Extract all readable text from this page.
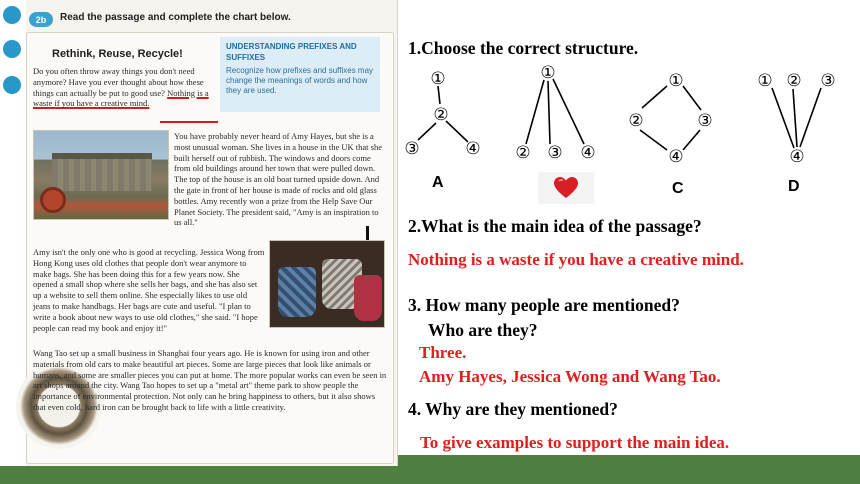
2b	Read the passage and complete the chart below.
Rethink, Reuse, Recycle!
UNDERSTANDING PREFIXES AND SUFFIXES
Recognize how prefixes and suffixes may change the meanings of words and how they are used.
Do you often throw away things you don't need anymore? Have you ever thought about how these things can actually be put to good use? Nothing is a waste if you have a creative mind.
You have probably never heard of Amy Hayes, but she is a most unusual woman. She lives in a house in the UK that she built herself out of rubbish. The windows and doors come from old buildings around her town that were pulled down. The top of the house is an old boat turned upside down. And the gate in front of her house is made of rocks and old glass bottles. Amy recently won a prize from the Help Save Our Planet Society. The president said, "Amy is an inspiration to us all."
Amy isn't the only one who is good at recycling. Jessica Wong from Hong Kong uses old clothes that people don't wear anymore to make bags. She has been doing this for a few years now. She opened a small shop where she sells her bags, and she has also set up a website to sell them online. She especially likes to use old jeans to make handbags. Her bags are cute and useful. "I plan to write a book about new ways to use old clothes," she said. "I hope people can read my book and enjoy it!"
Wang Tao set up a small business in Shanghai four years ago. He is known for using iron and other materials from old cars to make beautiful art pieces. Some are large pieces that look like animals or humans, and some are smaller pieces you can put at home. The more popular works can even be seen in art shops around the city. Wang Tao hopes to set up a "metal art" theme park to show people the importance of environmental protection. Not only can he bring happiness to others, but it also shows that even cold, hard iron can be brought back to life with a little creativity.
1.Choose the correct structure.
①
②
③	④
①
② ③ ④
①
②	③
④
① ② ③
④
A	C	D
2.What is the main idea of the passage?
Nothing is a waste if you have a creative mind.
3. How many people are mentioned?
Who are they?
Three.
Amy Hayes, Jessica Wong and Wang Tao.
4. Why are they mentioned?
To give examples to support the main idea.
